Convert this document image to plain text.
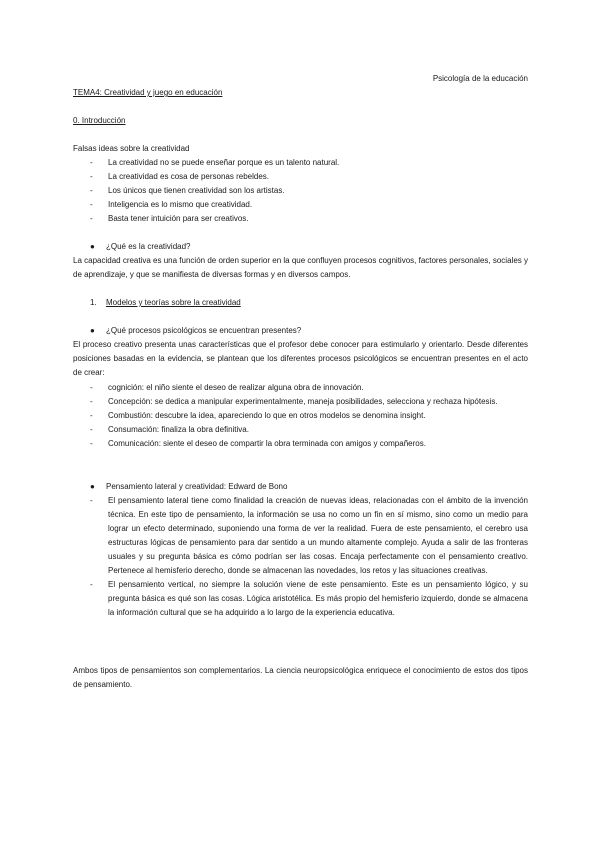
Psicología de la educación
TEMA4: Creatividad y juego en educación
0. Introducción
Falsas ideas sobre la creatividad
- La creatividad no se puede enseñar porque es un talento natural.
- La creatividad es cosa de personas rebeldes.
- Los únicos que tienen creatividad son los artistas.
- Inteligencia es lo mismo que creatividad.
- Basta tener intuición para ser creativos.
● ¿Qué es la creatividad?
La capacidad creativa es una función de orden superior en la que confluyen procesos cognitivos, factores personales, sociales y de aprendizaje, y que se manifiesta de diversas formas y en diversos campos.
1. Modelos y teorías sobre la creatividad
● ¿Qué procesos psicológicos se encuentran presentes?
El proceso creativo presenta unas características que el profesor debe conocer para estimularlo y orientarlo. Desde diferentes posiciones basadas en la evidencia, se plantean que los diferentes procesos psicológicos se encuentran presentes en el acto de crear:
- cognición: el niño siente el deseo de realizar alguna obra de innovación.
- Concepción: se dedica a manipular experimentalmente, maneja posibilidades, selecciona y rechaza hipótesis.
- Combustión: descubre la idea, apareciendo lo que en otros modelos se denomina insight.
- Consumación: finaliza la obra definitiva.
- Comunicación: siente el deseo de compartir la obra terminada con amigos y compañeros.
● Pensamiento lateral y creatividad: Edward de Bono
- El pensamiento lateral tiene como finalidad la creación de nuevas ideas, relacionadas con el ámbito de la invención técnica. En este tipo de pensamiento, la información se usa no como un fin en sí mismo, sino como un medio para lograr un efecto determinado, suponiendo una forma de ver la realidad. Fuera de este pensamiento, el cerebro usa estructuras lógicas de pensamiento para dar sentido a un mundo altamente complejo. Ayuda a salir de las fronteras usuales y su pregunta básica es cómo podrían ser las cosas. Encaja perfectamente con el pensamiento creativo. Pertenece al hemisferio derecho, donde se almacenan las novedades, los retos y las situaciones creativas.
- El pensamiento vertical, no siempre la solución viene de este pensamiento. Este es un pensamiento lógico, y su pregunta básica es qué son las cosas. Lógica aristotélica. Es más propio del hemisferio izquierdo, donde se almacena la información cultural que se ha adquirido a lo largo de la experiencia educativa.
Ambos tipos de pensamientos son complementarios. La ciencia neuropsicológica enriquece el conocimiento de estos dos tipos de pensamiento.
